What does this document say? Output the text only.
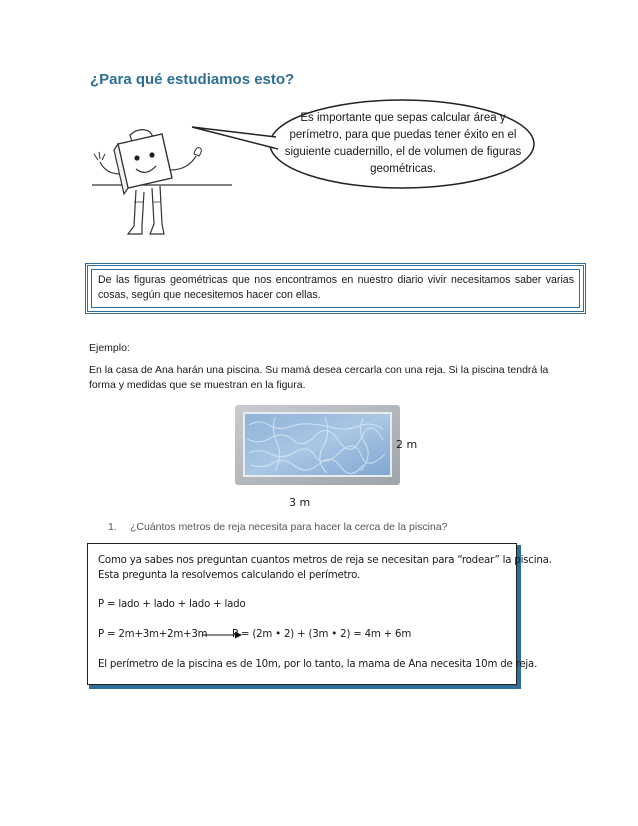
¿Para qué estudiamos esto?
Es importante que sepas calcular área y perímetro, para que puedas tener éxito en el siguiente cuadernillo, el de volumen de figuras geométricas.
De las figuras geométricas que nos encontramos en nuestro diario vivir necesitamos saber varias cosas, según que necesitemos hacer con ellas.
Ejemplo:
En la casa de Ana harán una piscina. Su mamá desea cercarla con una reja. Si la piscina tendrá la forma y medidas que se muestran en la figura.
2 m
3 m
1. ¿Cuántos metros de reja necesita para hacer la cerca de la piscina?
Como ya sabes nos preguntan cuantos metros de reja se necesitan para “rodear” la piscina.
Esta pregunta la resolvemos calculando el perímetro.
P = lado + lado + lado + lado
P = 2m+3m+2m+3m P = (2m • 2) + (3m • 2) = 4m + 6m
El perímetro de la piscina es de 10m, por lo tanto, la mama de Ana necesita 10m de reja.
